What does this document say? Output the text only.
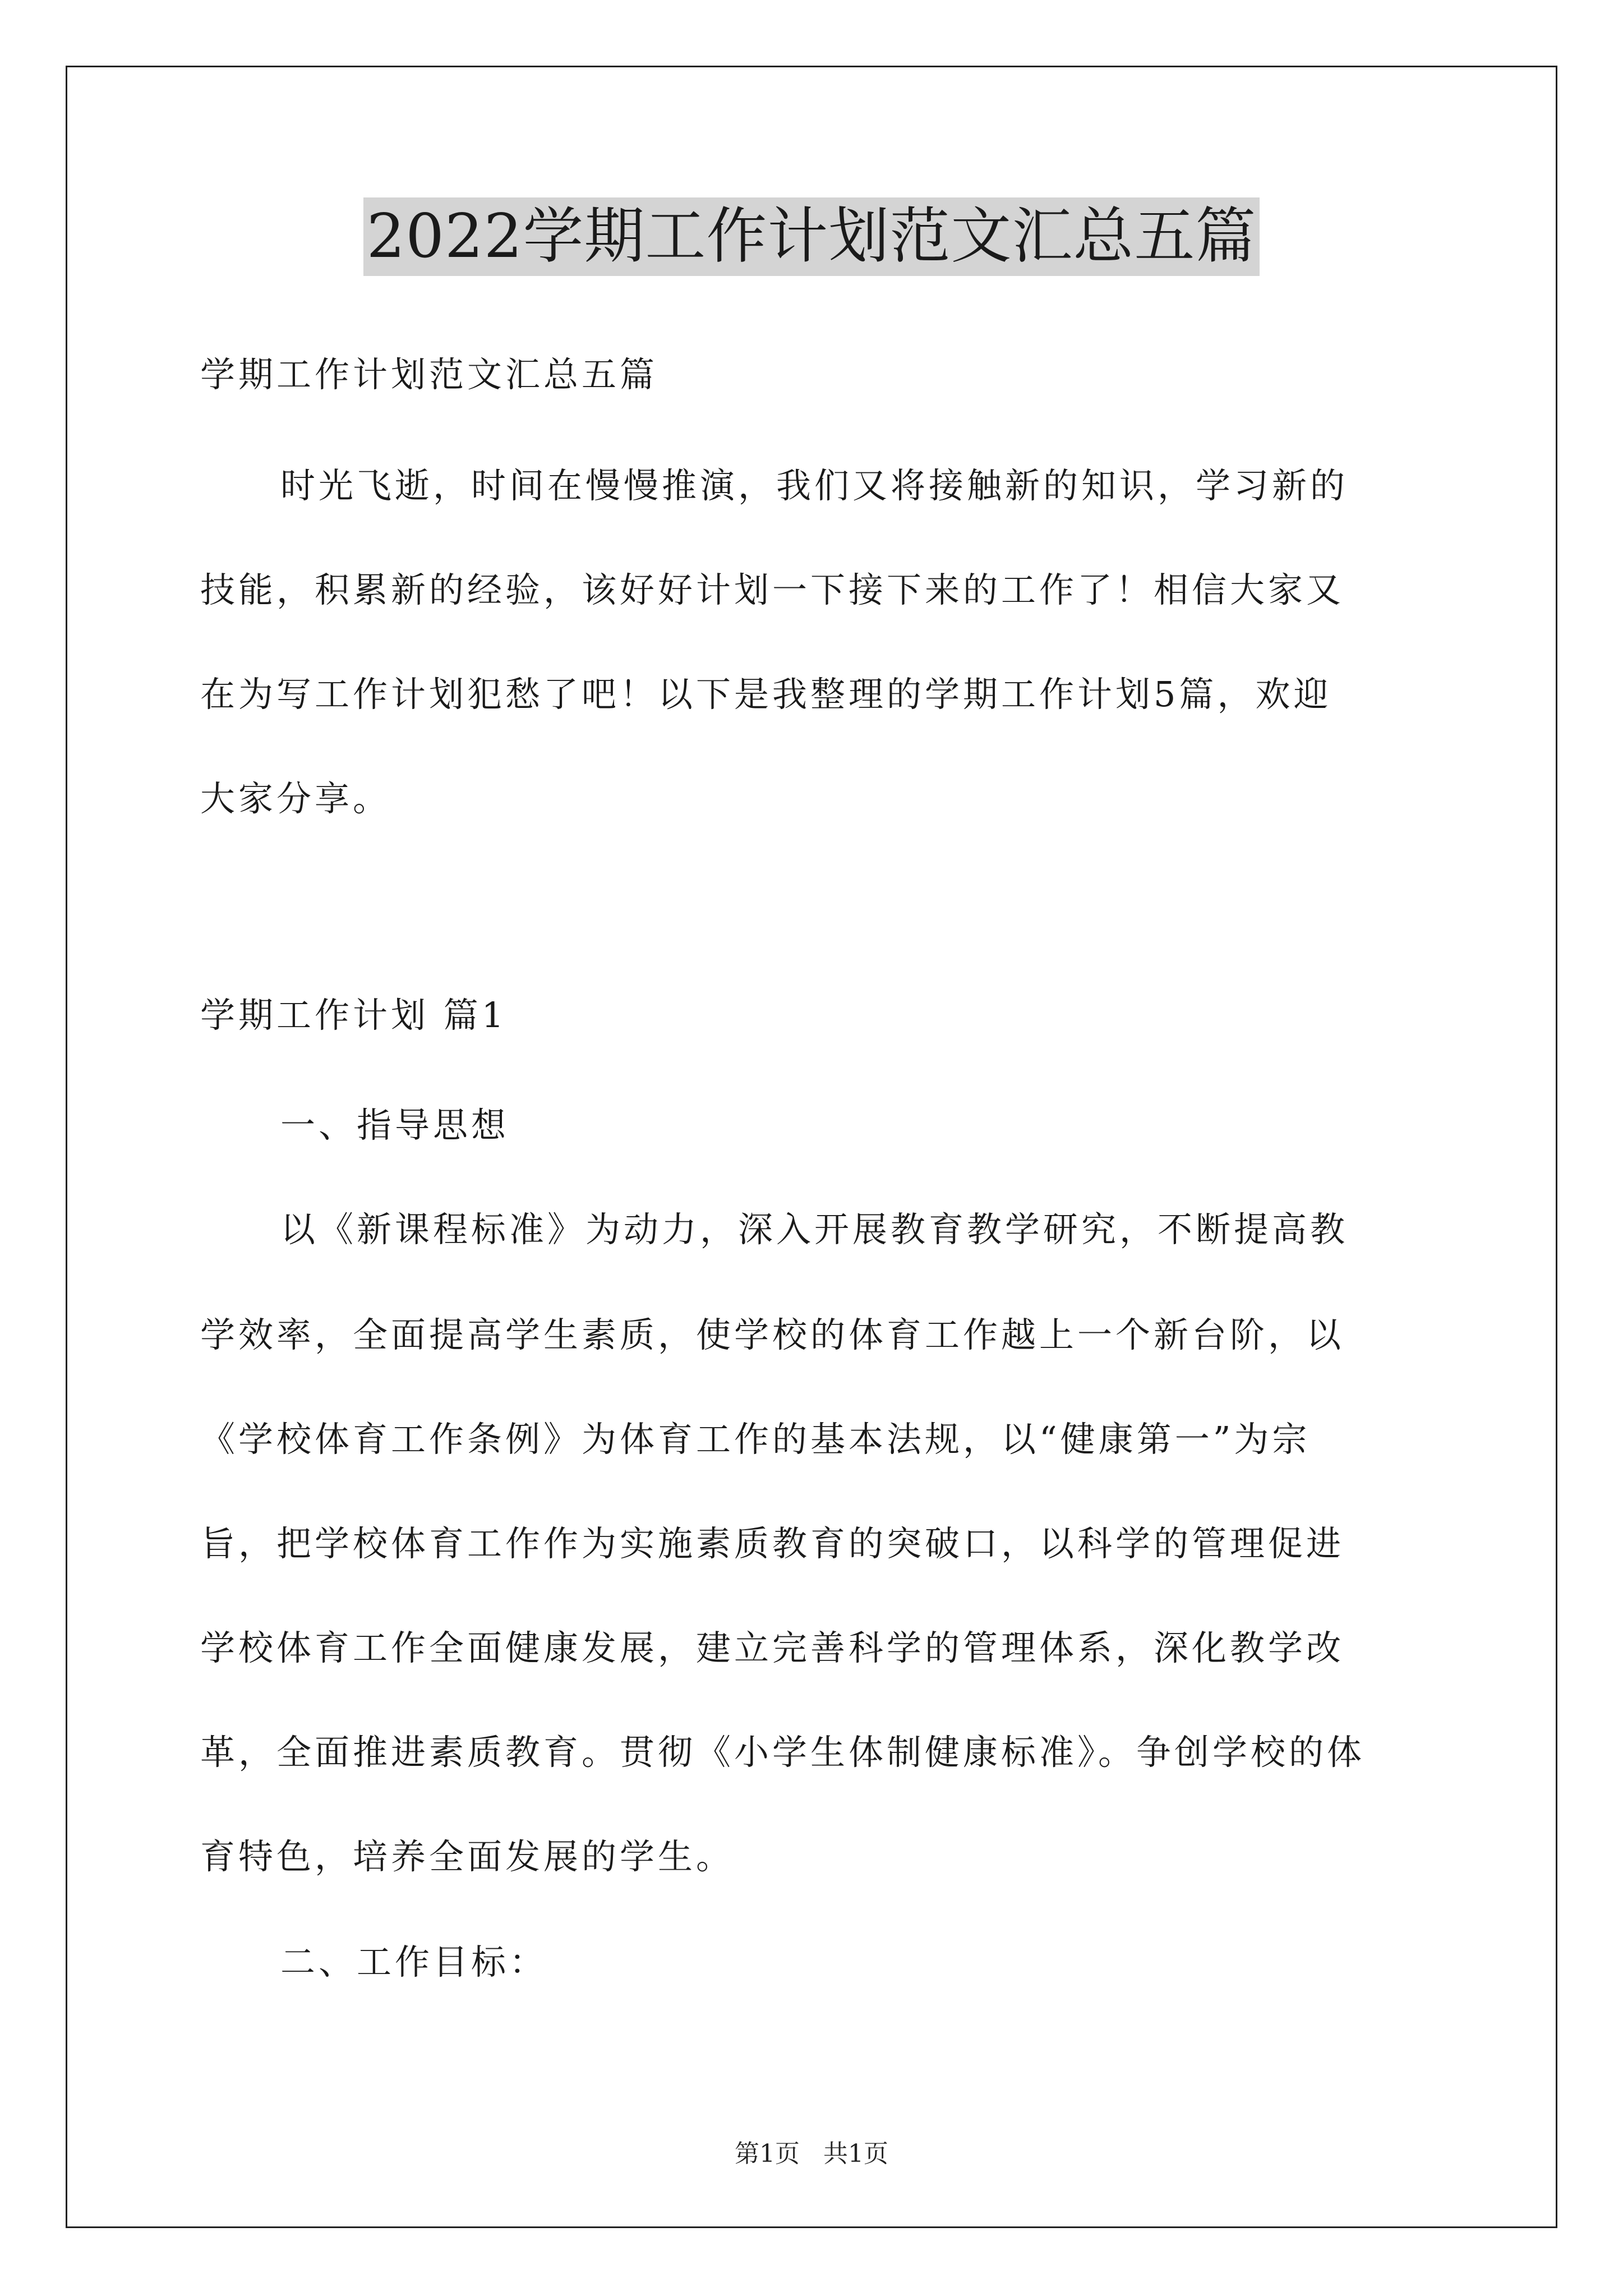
2022学期工作计划范文汇总五篇
学期工作计划范文汇总五篇
时光飞逝，时间在慢慢推演，我们又将接触新的知识，学习新的
技能，积累新的经验，该好好计划一下接下来的工作了！相信大家又
在为写工作计划犯愁了吧！以下是我整理的学期工作计划5篇，欢迎
大家分享。
学期工作计划 篇1
一、指导思想
以《新课程标准》为动力，深入开展教育教学研究，不断提高教
学效率，全面提高学生素质，使学校的体育工作越上一个新台阶，以
《学校体育工作条例》为体育工作的基本法规，以“健康第一”为宗
旨，把学校体育工作作为实施素质教育的突破口，以科学的管理促进
学校体育工作全面健康发展，建立完善科学的管理体系，深化教学改
革，全面推进素质教育。贯彻《小学生体制健康标准》。争创学校的体
育特色，培养全面发展的学生。
二、工作目标：
第1页 共1页
